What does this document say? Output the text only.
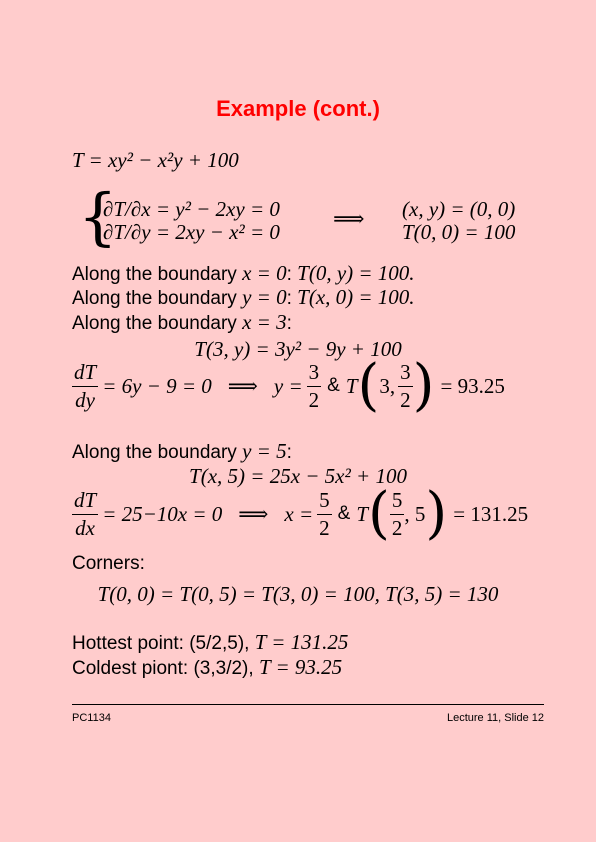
Example (cont.)
T = xy² − x²y + 100
{
∂T/∂x = y² − 2xy = 0
∂T/∂y = 2xy − x² = 0
⟹ (x, y) = (0, 0)
T(0, 0) = 100
Along the boundary x = 0: T(0, y) = 100.
Along the boundary y = 0: T(x, 0) = 100.
Along the boundary x = 3:
T(3, y) = 3y² − 9y + 100
$\frac{dT}{dy} = 6y - 9 = 0$ ⟹ $y = \frac{3}{2}$ & T ( 3, $\frac{3}{2}$ ) = 93.25
Along the boundary y = 5:
T(x, 5) = 25x − 5x² + 100
$\frac{dT}{dx} = 25-10x = 0$ ⟹ $x = \frac{5}{2}$ & T ( $\frac{5}{2}$ , 5 ) = 131.25
Corners:
T(0, 0) = T(0, 5) = T(3, 0) = 100, T(3, 5) = 130
Hottest point: (5/2,5), T = 131.25
Coldest piont: (3,3/2), T = 93.25
PC1134	Lecture 11, Slide 12
